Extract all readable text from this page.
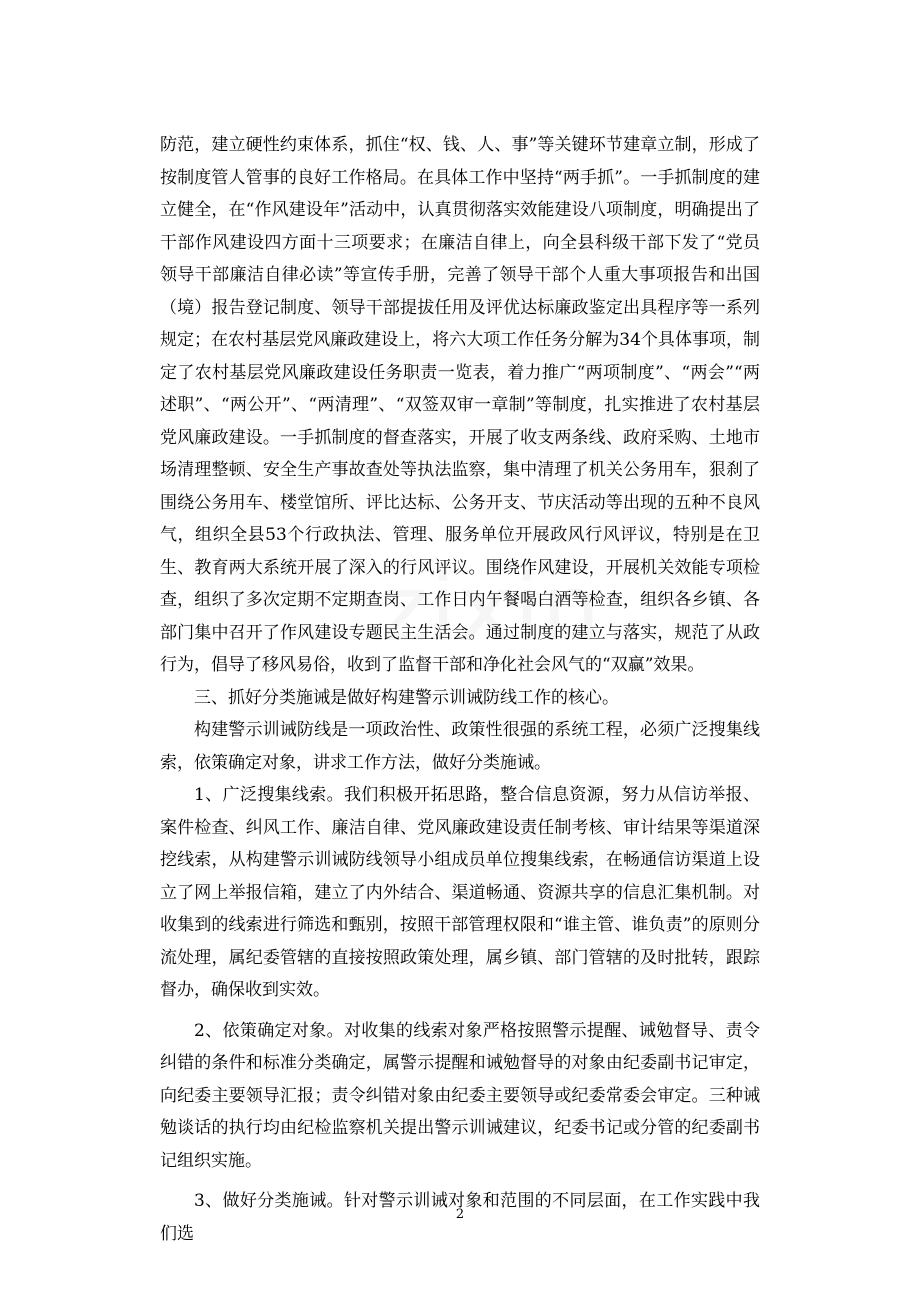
防范，建立硬性约束体系，抓住“权、钱、人、事”等关键环节建章立制，形成了按制度管人管事的良好工作格局。在具体工作中坚持“两手抓”。一手抓制度的建立健全，在“作风建设年”活动中，认真贯彻落实效能建设八项制度，明确提出了干部作风建设四方面十三项要求；在廉洁自律上，向全县科级干部下发了“党员领导干部廉洁自律必读”等宣传手册，完善了领导干部个人重大事项报告和出国（境）报告登记制度、领导干部提拔任用及评优达标廉政鉴定出具程序等一系列规定；在农村基层党风廉政建设上，将六大项工作任务分解为34个具体事项，制定了农村基层党风廉政建设任务职责一览表，着力推广“两项制度”、“两会”“两述职”、“两公开”、“两清理”、“双签双审一章制”等制度，扎实推进了农村基层党风廉政建设。一手抓制度的督查落实，开展了收支两条线、政府采购、土地市场清理整顿、安全生产事故查处等执法监察，集中清理了机关公务用车，狠刹了围绕公务用车、楼堂馆所、评比达标、公务开支、节庆活动等出现的五种不良风气，组织全县53个行政执法、管理、服务单位开展政风行风评议，特别是在卫生、教育两大系统开展了深入的行风评议。围绕作风建设，开展机关效能专项检查，组织了多次定期不定期查岗、工作日内午餐喝白酒等检查，组织各乡镇、各部门集中召开了作风建设专题民主生活会。通过制度的建立与落实，规范了从政行为，倡导了移风易俗，收到了监督干部和净化社会风气的“双赢”效果。

三、抓好分类施诫是做好构建警示训诫防线工作的核心。

构建警示训诫防线是一项政治性、政策性很强的系统工程，必须广泛搜集线索，依策确定对象，讲求工作方法，做好分类施诫。

1、广泛搜集线索。我们积极开拓思路，整合信息资源，努力从信访举报、案件检查、纠风工作、廉洁自律、党风廉政建设责任制考核、审计结果等渠道深挖线索，从构建警示训诫防线领导小组成员单位搜集线索，在畅通信访渠道上设立了网上举报信箱，建立了内外结合、渠道畅通、资源共享的信息汇集机制。对收集到的线索进行筛选和甄别，按照干部管理权限和“谁主管、谁负责”的原则分流处理，属纪委管辖的直接按照政策处理，属乡镇、部门管辖的及时批转，跟踪督办，确保收到实效。

2、依策确定对象。对收集的线索对象严格按照警示提醒、诫勉督导、责令纠错的条件和标准分类确定，属警示提醒和诫勉督导的对象由纪委副书记审定，向纪委主要领导汇报；责令纠错对象由纪委主要领导或纪委常委会审定。三种诫勉谈话的执行均由纪检监察机关提出警示训诫建议，纪委书记或分管的纪委副书记组织实施。

3、做好分类施诫。针对警示训诫对象和范围的不同层面，在工作实践中我们选

2
